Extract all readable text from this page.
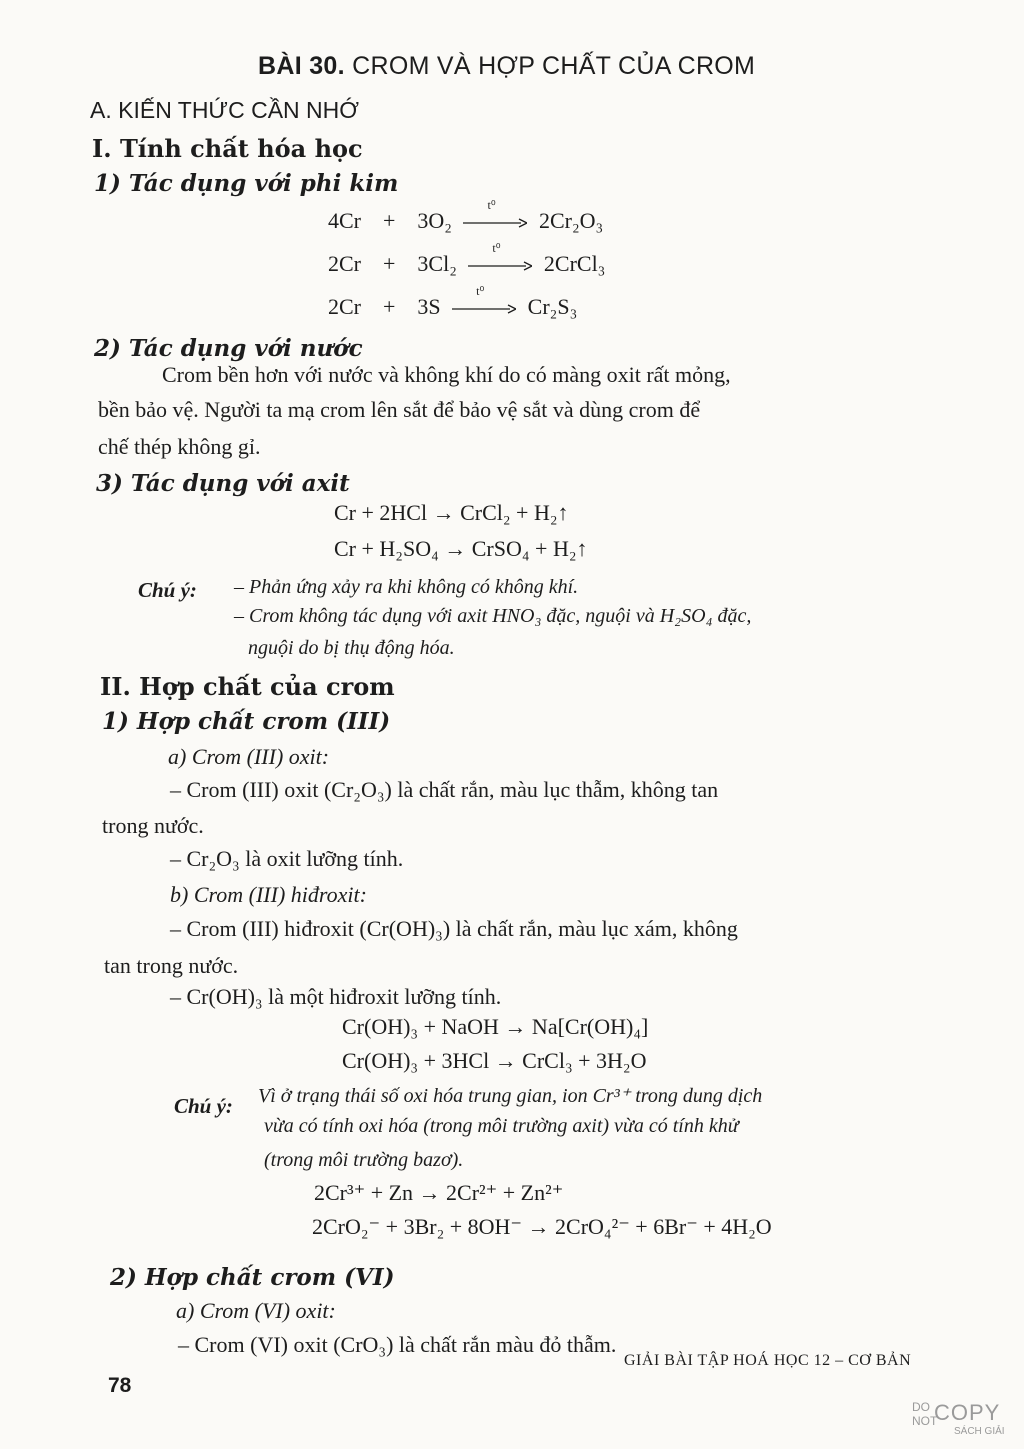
BÀI 30. CROM VÀ HỢP CHẤT CỦA CROM
A. KIẾN THỨC CẦN NHỚ
I. Tính chất hóa học
1) Tác dụng với phi kim
4Cr + 3O₂
t⁰
2Cr₂O₃
2Cr + 3Cl₂
t⁰
2CrCl₃
2Cr + 3S
t⁰
Cr₂S₃
2) Tác dụng với nước
Crom bền hơn với nước và không khí do có màng oxit rất mỏng,
bền bảo vệ. Người ta mạ crom lên sắt để bảo vệ sắt và dùng crom để
chế thép không gỉ.
3) Tác dụng với axit
Cr + 2HCl → CrCl₂ + H₂↑
Cr + H₂SO₄ → CrSO₄ + H₂↑
Chú ý: – Phản ứng xảy ra khi không có không khí.
– Crom không tác dụng với axit HNO₃ đặc, nguội và H₂SO₄ đặc,
nguội do bị thụ động hóa.
II. Hợp chất của crom
1) Hợp chất crom (III)
a) Crom (III) oxit:
– Crom (III) oxit (Cr₂O₃) là chất rắn, màu lục thẫm, không tan
trong nước.
– Cr₂O₃ là oxit lưỡng tính.
b) Crom (III) hiđroxit:
– Crom (III) hiđroxit (Cr(OH)₃) là chất rắn, màu lục xám, không
tan trong nước.
– Cr(OH)₃ là một hiđroxit lưỡng tính.
Cr(OH)₃ + NaOH → Na[Cr(OH)₄]
Cr(OH)₃ + 3HCl → CrCl₃ + 3H₂O
Chú ý: Vì ở trạng thái số oxi hóa trung gian, ion Cr³⁺ trong dung dịch
vừa có tính oxi hóa (trong môi trường axit) vừa có tính khử
(trong môi trường bazơ).
2Cr³⁺ + Zn → 2Cr²⁺ + Zn²⁺
2CrO₂⁻ + 3Br₂ + 8OH⁻ → 2CrO₄²⁻ + 6Br⁻ + 4H₂O
2) Hợp chất crom (VI)
a) Crom (VI) oxit:
– Crom (VI) oxit (CrO₃) là chất rắn màu đỏ thẫm.
GIẢI BÀI TẬP HOÁ HỌC 12 – CƠ BẢN
78
DO
NOT
COPY
SÁCH GIẢI
